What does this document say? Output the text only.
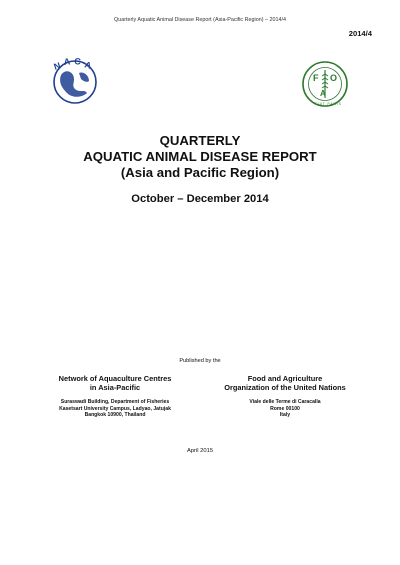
Quarterly Aquatic Animal Disease Report (Asia-Pacific Region) – 2014/4
2014/4
N A C A
F O
A
FIAT PANIS
QUARTERLY
AQUATIC ANIMAL DISEASE REPORT
(Asia and Pacific Region)
October – December 2014
Published by the
Network of Aquaculture Centres
in Asia-Pacific
Suraswadi Building, Department of Fisheries
Kasetsart University Campus, Ladyao, Jatujak
Bangkok 10900, Thailand
Food and Agriculture
Organization of the United Nations
Viale delle Terme di Caracalla
Rome 00100
Italy
April 2015
